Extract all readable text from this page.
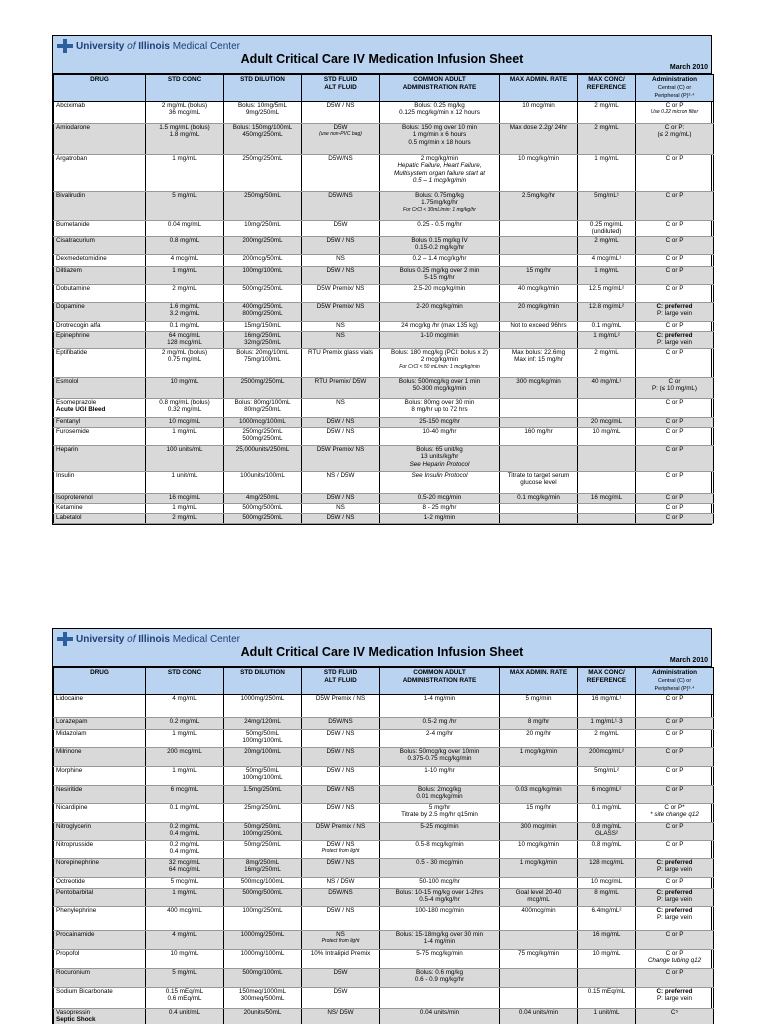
University of Illinois Medical Center
Adult Critical Care IV Medication Infusion Sheet
March 2010
DRUG	STD CONC	STD DILUTION	STD FLUID
ALT FLUID	COMMON ADULT
ADMINISTRATION RATE	MAX ADMIN. RATE	MAX CONC/
REFERENCE	Administration
Central (C) or
Peripheral (P)³·⁴

Abciximab	2 mg/mL (bolus)
36 mcg/mL	Bolus: 10mg/5mL
9mg/250mL	D5W / NS	Bolus: 0.25 mg/kg
0.125 mcg/kg/min x 12 hours	10 mcg/min	2 mg/mL	C or P
Use 0.22 micron filter

Amiodarone	1.5 mg/mL (bolus)
1.8 mg/mL	Bolus: 150mg/100mL
450mg/250mL	D5W
(use non-PVC bag)	Bolus: 150 mg over 10 min
1 mg/min x 6 hours
0.5 mg/min x 18 hours	Max dose 2.2g/ 24hr	2 mg/mL	C or P:
(≤ 2 mg/mL)

Argatroban	1 mg/mL	250mg/250mL	D5W/NS	2 mcg/kg/min
Hepatic Failure, Heart Failure,
Multisystem organ failure start at
0.5 – 1 mcg/kg/min	10 mcg/kg/min	1 mg/mL	C or P

Bivalirudin	5 mg/mL	250mg/50mL	D5W/NS	Bolus: 0.75mg/kg
1.75mg/kg/hr
For CrCl < 30mL/min: 1 mg/kg/hr	2.5mg/kg/hr	5mg/mL¹	C or P

Bumetanide	0.04 mg/mL	10mg/250mL	D5W	0.25 - 0.5 mg/hr		0.25 mg/mL
(undiluted)	C or P

Cisatracurium	0.8 mg/mL	200mg/250mL	D5W / NS	Bolus 0.15 mg/kg IV
0.15-0.2 mg/kg/hr		2 mg/mL	C or P

Dexmedetomidine	4 mcg/mL	200mcg/50mL	NS	0.2 – 1.4 mcg/kg/hr		4 mcg/mL¹	C or P

Diltiazem	1 mg/mL	100mg/100mL	D5W / NS	Bolus 0.25 mg/kg over 2 min
5-15 mg/hr	15 mg/hr	1 mg/mL	C or P

Dobutamine	2 mg/mL	500mg/250mL	D5W Premix/ NS	2.5-20 mcg/kg/min	40 mcg/kg/min	12.5 mg/mL²	C or P

Dopamine	1.6 mg/mL
3.2 mg/mL	400mg/250mL
800mg/250mL	D5W Premix/ NS	2-20 mcg/kg/min	20 mcg/kg/min	12.8 mg/mL²	C: preferred
P: large vein

Drotrecogin alfa	0.1 mg/mL	15mg/150mL	NS	24 mcg/kg /hr (max 135 kg)	Not to exceed 96hrs	0.1 mg/mL	C or P

Epinephrine	64 mcg/mL
128 mcg/mL	16mg/250mL
32mg/250mL	NS	1-10 mcg/min		1 mg/mL²	C: preferred
P: large vein

Eptifibatide	2 mg/mL (bolus)
0.75 mg/mL	Bolus: 20mg/10mL
75mg/100mL	RTU Premix glass vials	Bolus: 180 mcg/kg (PCI: bolus x 2)
2 mcg/kg/min
For CrCl < 50 mL/min: 1 mcg/kg/min	Max bolus: 22.6mg
Max inf: 15 mg/hr	2 mg/mL	C or P

Esmolol	10 mg/mL	2500mg/250mL	RTU Premix/ D5W	Bolus: 500mcg/kg over 1 min
50-300 mcg/kg/min	300 mcg/kg/min	40 mg/mL¹	C or
P: (≤ 10 mg/mL)

Esomeprazole
Acute UGI Bleed	0.8 mg/mL (bolus)
0.32 mg/mL	Bolus: 80mg/100mL
80mg/250mL	NS	Bolus: 80mg over 30 min
8 mg/hr up to 72 hrs			C or P

Fentanyl	10 mcg/mL	1000mcg/100mL	D5W / NS	25-150 mcg/hr		20 mcg/mL	C or P

Furosemide	1 mg/mL	250mg/250mL
500mg/250mL	D5W / NS	10-40 mg/hr	160 mg/hr	10 mg/mL	C or P

Heparin	100 units/mL	25,000units/250mL	D5W Premix/ NS	Bolus: 65 unit/kg
13 units/kg/hr
See Heparin Protocol			C or P

Insulin	1 unit/mL	100units/100mL	NS / D5W	See Insulin Protocol	Titrate to target serum
glucose level		C or P

Isoproterenol	16 mcg/mL	4mg/250mL	D5W / NS	0.5-20 mcg/min	0.1 mcg/kg/min	16 mcg/mL	C or P

Ketamine	1 mg/mL	500mg/500mL	NS	8 - 25 mg/hr			C or P

Labetalol	2 mg/mL	500mg/250mL	D5W / NS	1-2 mg/min			C or P
University of Illinois Medical Center
Adult Critical Care IV Medication Infusion Sheet
March 2010
DRUG	STD CONC	STD DILUTION	STD FLUID
ALT FLUID	COMMON ADULT
ADMINISTRATION RATE	MAX ADMIN. RATE	MAX CONC/
REFERENCE	Administration
Central (C) or
Peripheral (P)³·⁴

Lidocaine	4 mg/mL	1000mg/250mL	D5W Premix / NS	1-4 mg/min	5 mg/min	16 mg/mL¹	C or P

Lorazepam	0.2 mg/mL	24mg/120mL	D5W/NS	0.5-2 mg /hr	8 mg/hr	1 mg/mL¹·3	C or P

Midazolam	1 mg/mL	50mg/50mL
100mg/100mL	D5W / NS	2-4 mg/hr	20 mg/hr	2 mg/mL	C or P

Milrinone	200 mcg/mL	20mg/100mL	D5W / NS	Bolus: 50mcg/kg over 10min
0.375-0.75 mcg/kg/min	1 mcg/kg/min	200mcg/mL²	C or P

Morphine	1 mg/mL	50mg/50mL
100mg/100mL	D5W / NS	1-10 mg/hr		5mg/mL²	C or P

Nesiritide	6 mcg/mL	1.5mg/250mL	D5W / NS	Bolus: 2mcg/kg
0.01 mcg/kg/min	0.03 mcg/kg/min	6 mcg/mL²	C or P

Nicardipine	0.1 mg/mL	25mg/250mL	D5W / NS	5 mg/hr
Titrate by 2.5 mg/hr q15min	15 mg/hr	0.1 mg/mL	C or P*
* site change q12

Nitroglycerin	0.2 mg/mL
0.4 mg/mL	50mg/250mL
100mg/250mL	D5W Premix / NS	5-25 mcg/min	300 mcg/min	0.8 mg/mL
GLASS²	C or P

Nitroprusside	0.2 mg/mL
0.4 mg/mL	50mg/250mL	D5W / NS
Protect from light	0.5-8 mcg/kg/min	10 mcg/kg/min	0.8 mg/mL	C or P

Norepinephrine	32 mcg/mL
64 mcg/mL	8mg/250mL
16mg/250mL	D5W / NS	0.5 - 30 mcg/min	1 mcg/kg/min	128 mcg/mL	C: preferred
P: large vein

Octreotide	5 mcg/mL	500mcg/100mL	NS / D5W	50-100 mcg/hr		10 mcg/mL	C or P

Pentobarbital	1 mg/mL	500mg/500mL	D5W/NS	Bolus: 10-15 mg/kg over 1-2hrs
0.5-4 mg/kg/hr	Goal level 20-40
mcg/mL	8 mg/mL	C: preferred
P: large vein

Phenylephrine	400 mcg/mL	100mg/250mL	D5W / NS	100-180 mcg/min	400mcg/min	6.4mg/mL²	C: preferred
P: large vein

Procainamide	4 mg/mL	1000mg/250mL	NS
Protect from light	Bolus: 15-18mg/kg over 30 min
1-4 mg/min		16 mg/mL	C or P

Propofol	10 mg/mL	1000mg/100mL	10% Intralipid Premix	5-75 mcg/kg/min	75 mcg/kg/min	10 mg/mL	C or P
Change tubing q12

Rocuronium	5 mg/mL	500mg/100mL	D5W	Bolus: 0.6 mg/kg
0.6 - 0.9 mg/kg/hr			C or P

Sodium Bicarbonate	0.15 mEq/mL
0.6 mEq/mL	150meq/1000mL
300meq/500mL	D5W			0.15 mEq/mL	C: preferred
P: large vein

Vasopressin
Septic Shock	0.4 unit/mL	20units/50mL	NS/ D5W	0.04 units/min	0.04 units/min	1 unit/mL	C⁵
